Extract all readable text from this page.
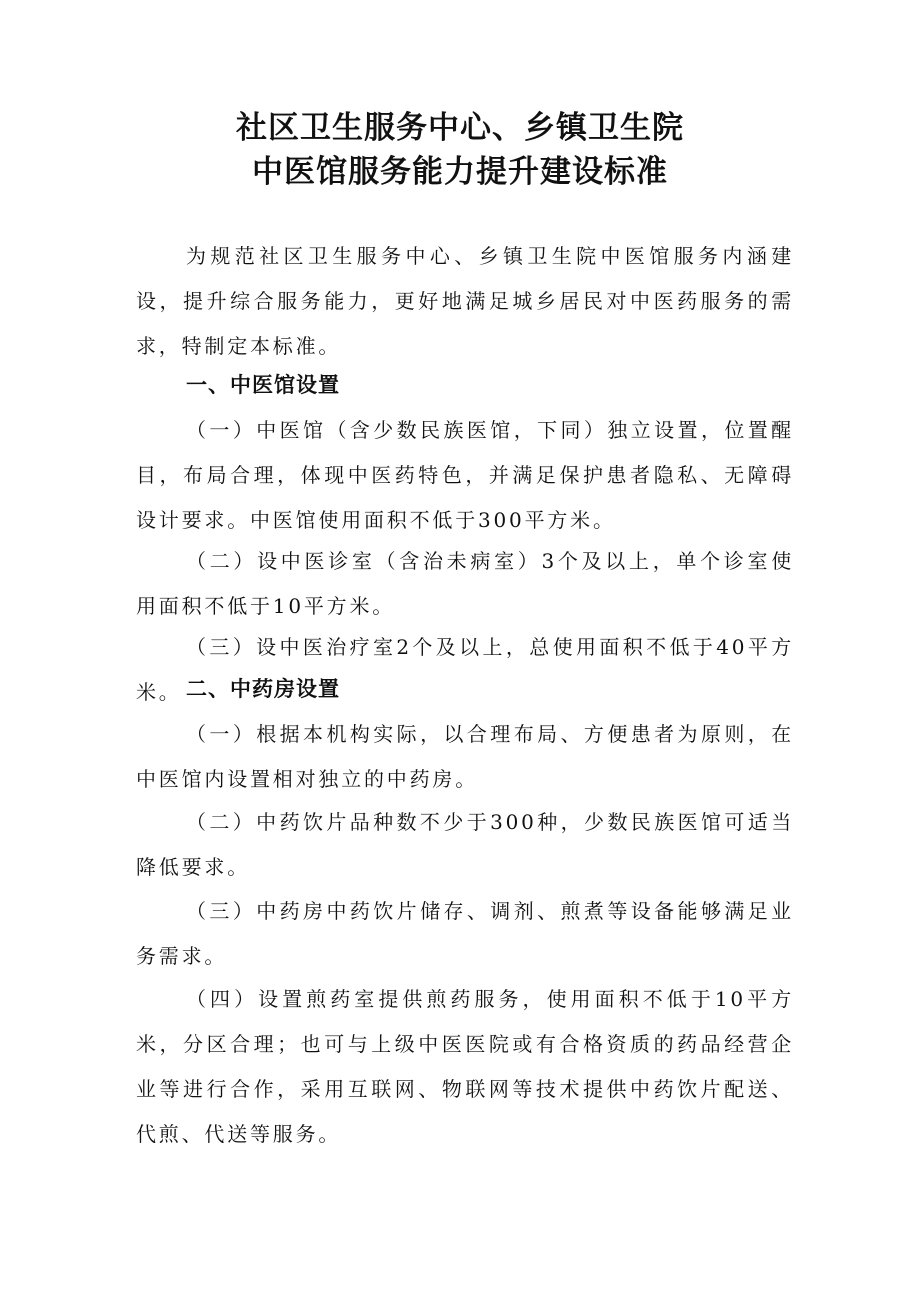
社区卫生服务中心、乡镇卫生院
中医馆服务能力提升建设标准

为规范社区卫生服务中心、乡镇卫生院中医馆服务内涵建设，提升综合服务能力，更好地满足城乡居民对中医药服务的需求，特制定本标准。

一、中医馆设置

（一）中医馆（含少数民族医馆，下同）独立设置，位置醒目，布局合理，体现中医药特色，并满足保护患者隐私、无障碍设计要求。中医馆使用面积不低于300平方米。

（二）设中医诊室（含治未病室）3个及以上，单个诊室使用面积不低于10平方米。

（三）设中医治疗室2个及以上，总使用面积不低于40平方米。 二、中药房设置

（一）根据本机构实际，以合理布局、方便患者为原则，在中医馆内设置相对独立的中药房。

（二）中药饮片品种数不少于300种，少数民族医馆可适当降低要求。

（三）中药房中药饮片储存、调剂、煎煮等设备能够满足业务需求。

（四）设置煎药室提供煎药服务，使用面积不低于10平方米，分区合理；也可与上级中医医院或有合格资质的药品经营企业等进行合作，采用互联网、物联网等技术提供中药饮片配送、代煎、代送等服务。
